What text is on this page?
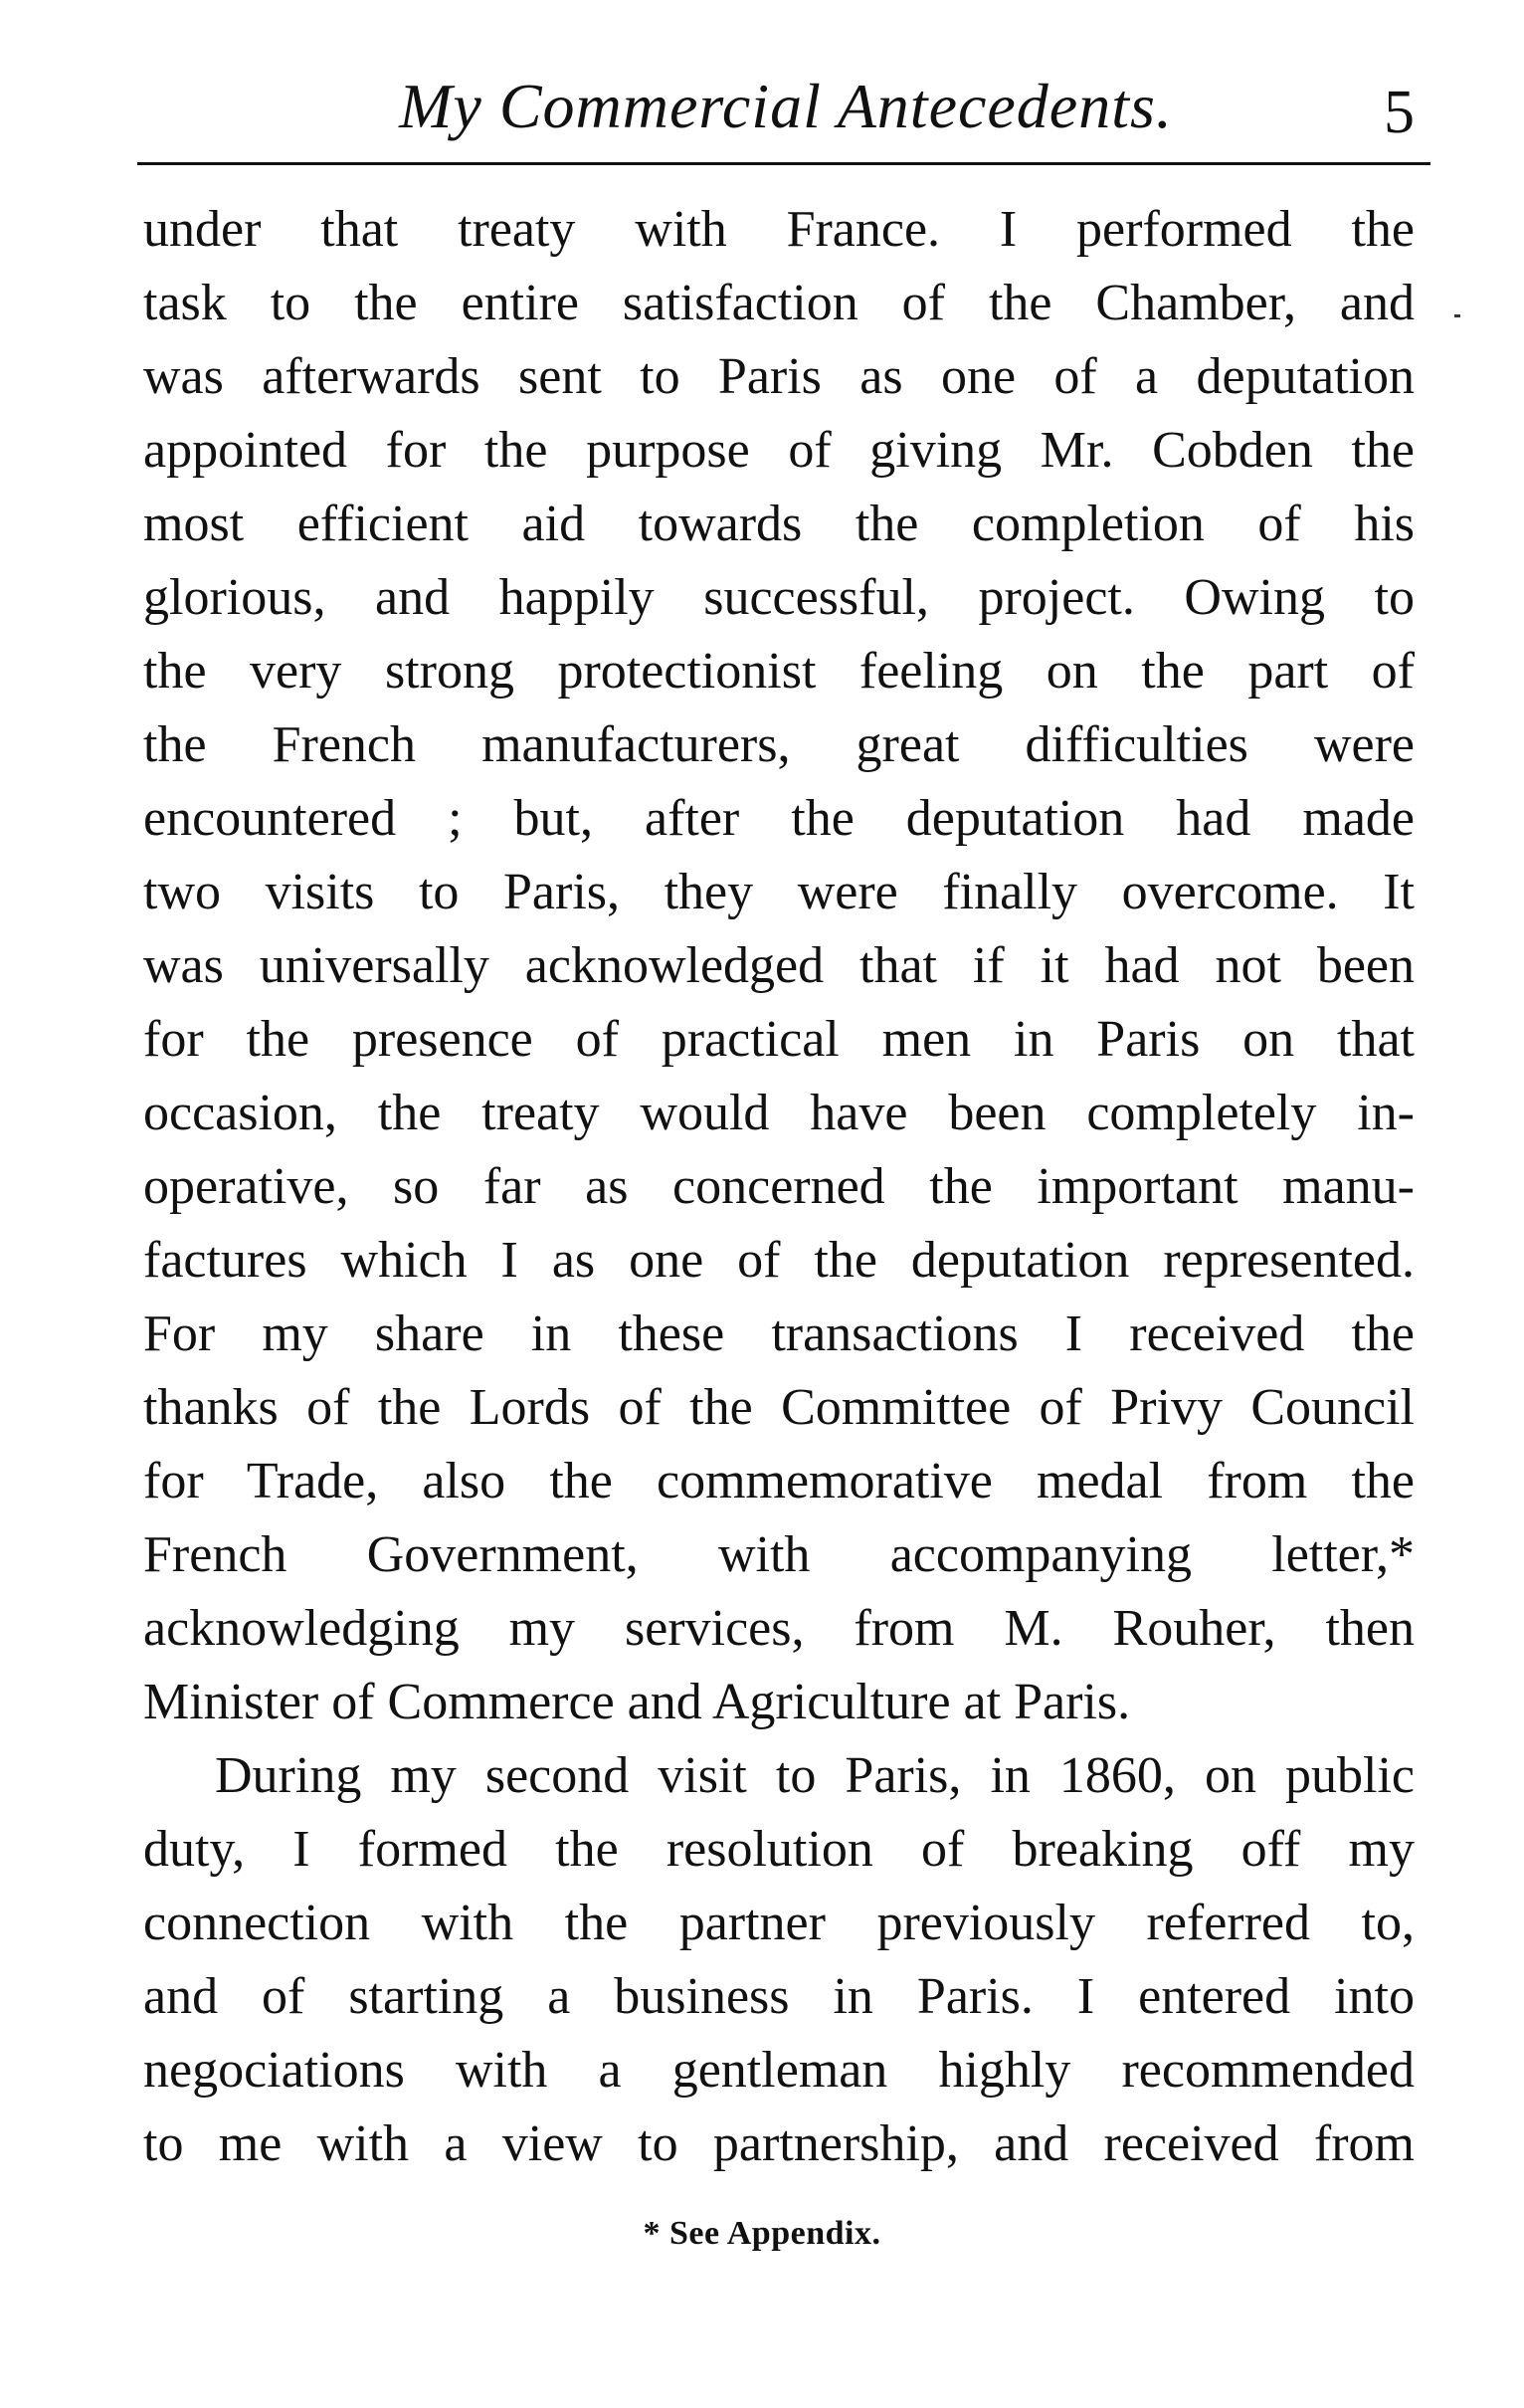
My Commercial Antecedents.	5
under that treaty with France. I performed the
task to the entire satisfaction of the Chamber, and
was afterwards sent to Paris as one of a deputation
appointed for the purpose of giving Mr. Cobden the
most efficient aid towards the completion of his
glorious, and happily successful, project. Owing to
the very strong protectionist feeling on the part of
the French manufacturers, great difficulties were
encountered ; but, after the deputation had made
two visits to Paris, they were finally overcome. It
was universally acknowledged that if it had not been
for the presence of practical men in Paris on that
occasion, the treaty would have been completely in-
operative, so far as concerned the important manu-
factures which I as one of the deputation represented.
For my share in these transactions I received the
thanks of the Lords of the Committee of Privy Council
for Trade, also the commemorative medal from the
French Government, with accompanying letter,*
acknowledging my services, from M. Rouher, then
Minister of Commerce and Agriculture at Paris.
During my second visit to Paris, in 1860, on public
duty, I formed the resolution of breaking off my
connection with the partner previously referred to,
and of starting a business in Paris. I entered into
negociations with a gentleman highly recommended
to me with a view to partnership, and received from
* See Appendix.
